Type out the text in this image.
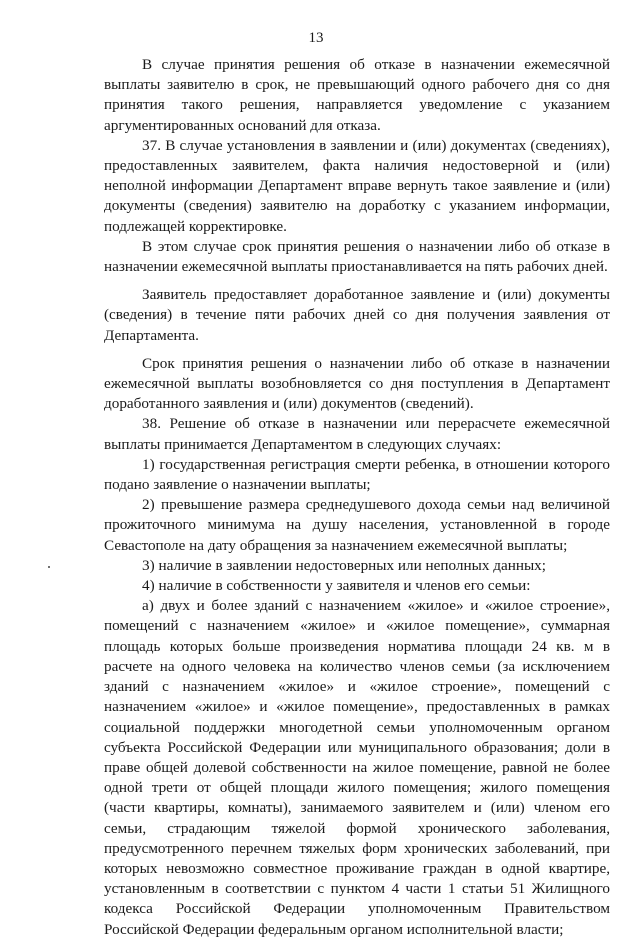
13

В случае принятия решения об отказе в назначении ежемесячной выплаты заявителю в срок, не превышающий одного рабочего дня со дня принятия такого решения, направляется уведомление с указанием аргументированных оснований для отказа.

37. В случае установления в заявлении и (или) документах (сведениях), предоставленных заявителем, факта наличия недостоверной и (или) неполной информации Департамент вправе вернуть такое заявление и (или) документы (сведения) заявителю на доработку с указанием информации, подлежащей корректировке.

В этом случае срок принятия решения о назначении либо об отказе в назначении ежемесячной выплаты приостанавливается на пять рабочих дней.

Заявитель предоставляет доработанное заявление и (или) документы (сведения) в течение пяти рабочих дней со дня получения заявления от Департамента.

Срок принятия решения о назначении либо об отказе в назначении ежемесячной выплаты возобновляется со дня поступления в Департамент доработанного заявления и (или) документов (сведений).

38. Решение об отказе в назначении или перерасчете ежемесячной выплаты принимается Департаментом в следующих случаях:

1) государственная регистрация смерти ребенка, в отношении которого подано заявление о назначении выплаты;

2) превышение размера среднедушевого дохода семьи над величиной прожиточного минимума на душу населения, установленной в городе Севастополе на дату обращения за назначением ежемесячной выплаты;

3) наличие в заявлении недостоверных или неполных данных;

4) наличие в собственности у заявителя и членов его семьи:

а) двух и более зданий с назначением «жилое» и «жилое строение», помещений с назначением «жилое» и «жилое помещение», суммарная площадь которых больше произведения норматива площади 24 кв. м в расчете на одного человека на количество членов семьи (за исключением зданий с назначением «жилое» и «жилое строение», помещений с назначением «жилое» и «жилое помещение», предоставленных в рамках социальной поддержки многодетной семьи уполномоченным органом субъекта Российской Федерации или муниципального образования; доли в праве общей долевой собственности на жилое помещение, равной не более одной трети от общей площади жилого помещения; жилого помещения (части квартиры, комнаты), занимаемого заявителем и (или) членом его семьи, страдающим тяжелой формой хронического заболевания, предусмотренного перечнем тяжелых форм хронических заболеваний, при которых невозможно совместное проживание граждан в одной квартире, установленным в соответствии с пунктом 4 части 1 статьи 51 Жилищного кодекса Российской Федерации уполномоченным Правительством Российской Федерации федеральным органом исполнительной власти;
